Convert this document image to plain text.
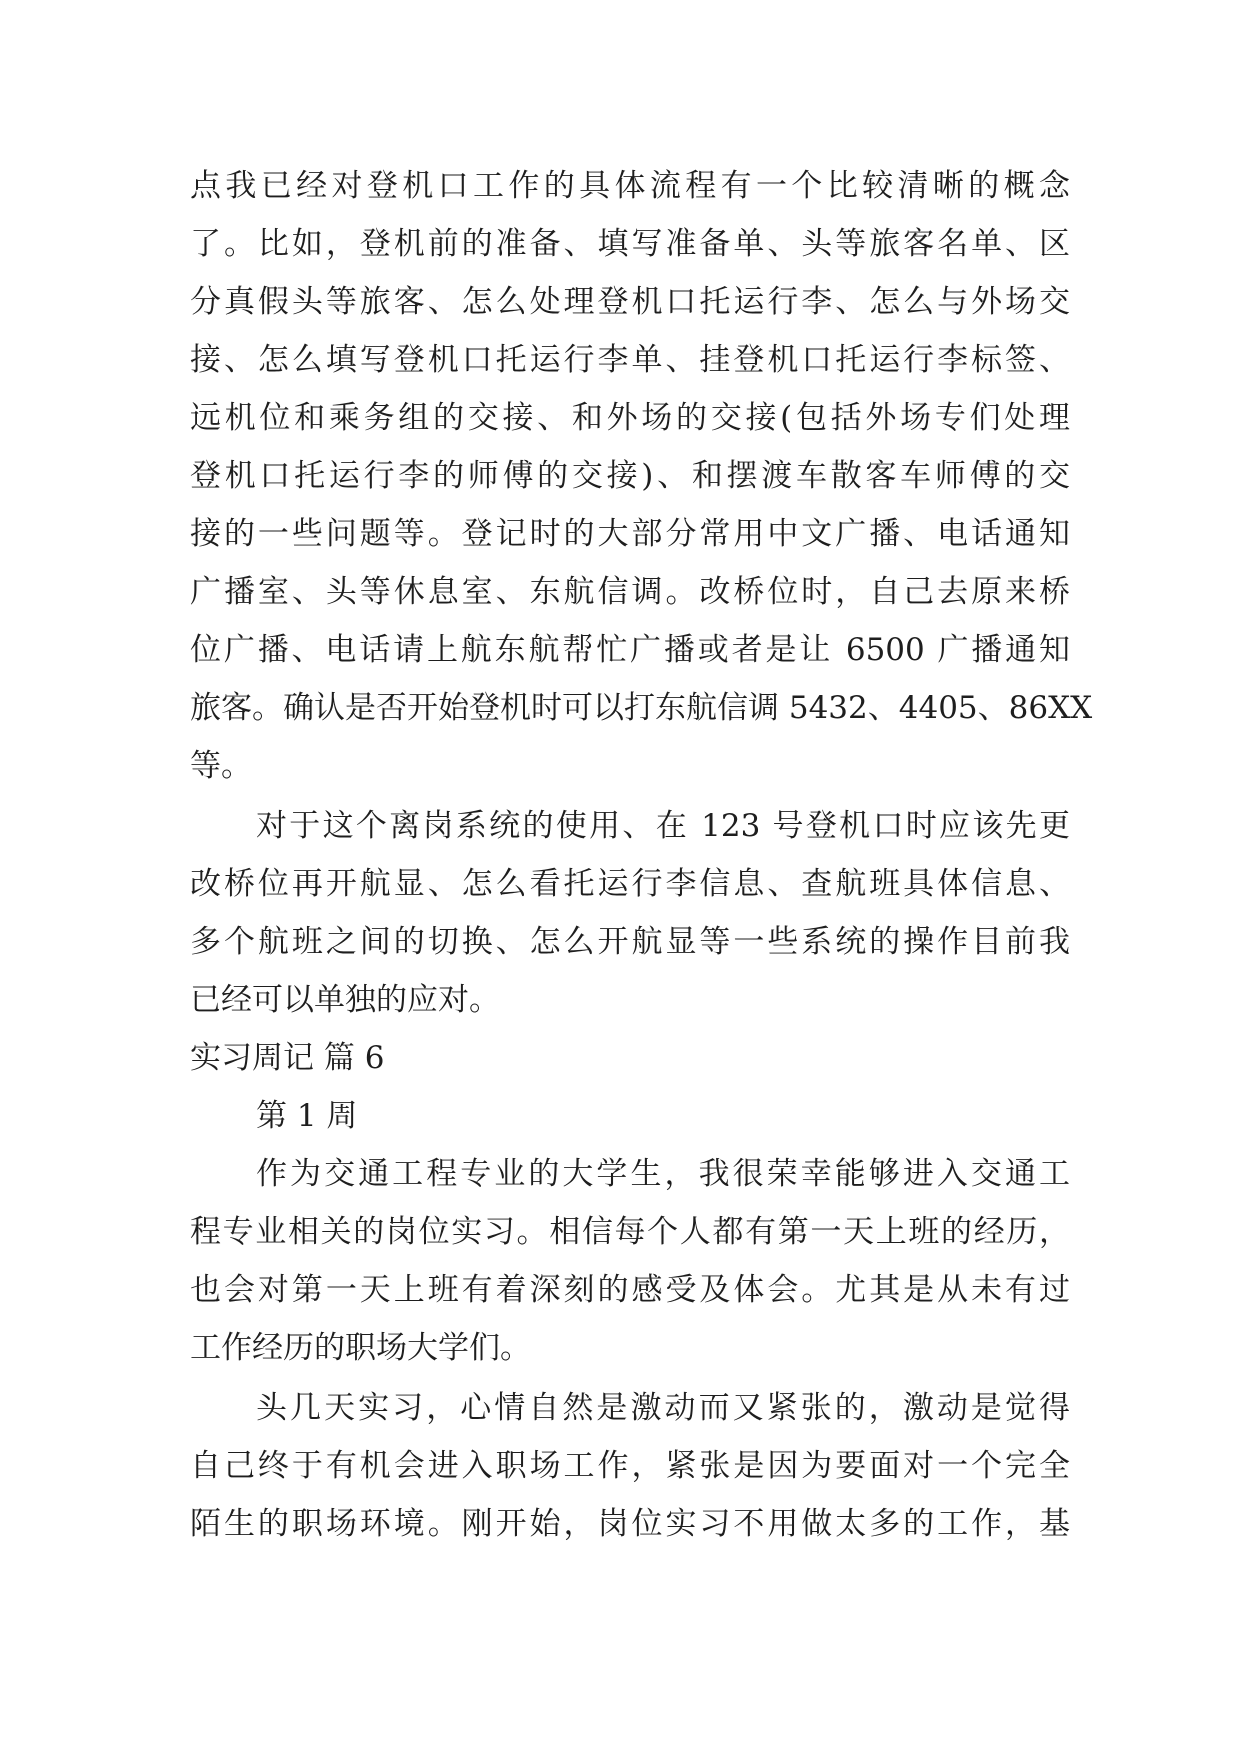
点我已经对登机口工作的具体流程有一个比较清晰的概念
了。比如，登机前的准备、填写准备单、头等旅客名单、区
分真假头等旅客、怎么处理登机口托运行李、怎么与外场交
接、怎么填写登机口托运行李单、挂登机口托运行李标签、
远机位和乘务组的交接、和外场的交接(包括外场专们处理
登机口托运行李的师傅的交接)、和摆渡车散客车师傅的交
接的一些问题等。登记时的大部分常用中文广播、电话通知
广播室、头等休息室、东航信调。改桥位时，自己去原来桥
位广播、电话请上航东航帮忙广播或者是让 6500 广播通知
旅客。确认是否开始登机时可以打东航信调 5432、4405、86XX
等。
对于这个离岗系统的使用、在 123 号登机口时应该先更
改桥位再开航显、怎么看托运行李信息、查航班具体信息、
多个航班之间的切换、怎么开航显等一些系统的操作目前我
已经可以单独的应对。
实习周记 篇 6
第 1 周
作为交通工程专业的大学生，我很荣幸能够进入交通工
程专业相关的岗位实习。相信每个人都有第一天上班的经历，
也会对第一天上班有着深刻的感受及体会。尤其是从未有过
工作经历的职场大学们。
头几天实习，心情自然是激动而又紧张的，激动是觉得
自己终于有机会进入职场工作，紧张是因为要面对一个完全
陌生的职场环境。刚开始，岗位实习不用做太多的工作，基
